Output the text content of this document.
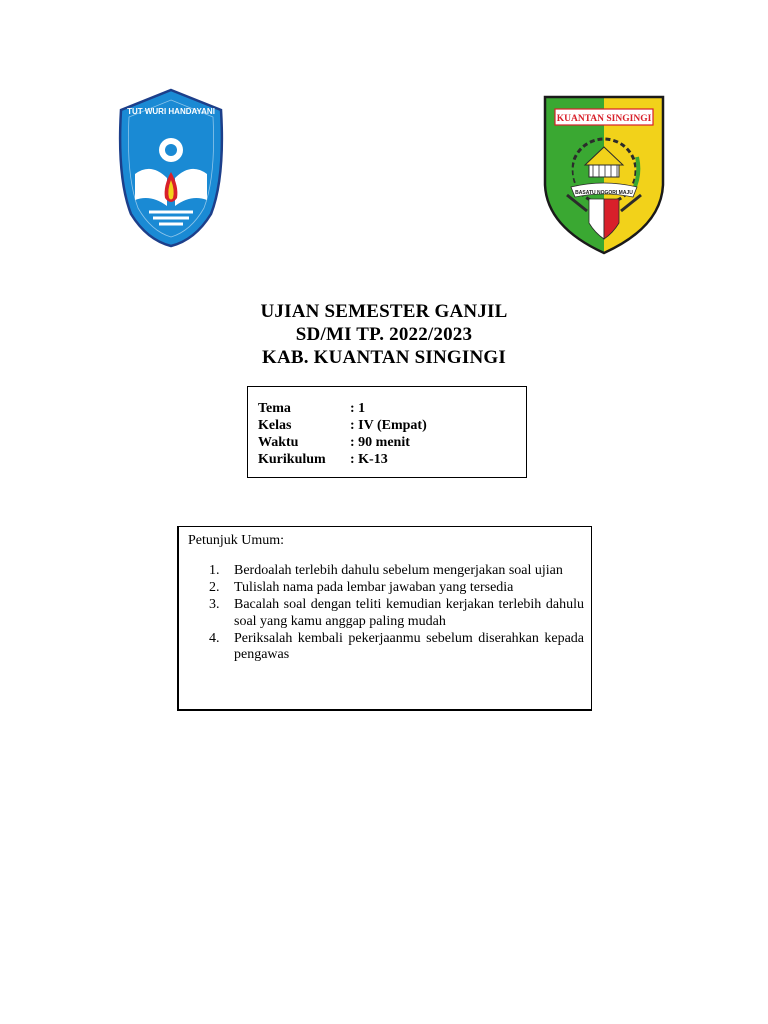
TUT WURI HANDAYANI
KUANTAN SINGINGI
BASATU NOGORI MAJU
UJIAN SEMESTER GANJIL
SD/MI TP. 2022/2023
KAB. KUANTAN SINGINGI
Tema	: 1
Kelas	: IV (Empat)
Waktu	: 90 menit
Kurikulum	: K-13
Petunjuk Umum:
1.	Berdoalah terlebih dahulu sebelum mengerjakan soal ujian
2.	Tulislah nama pada lembar jawaban yang tersedia
3.	Bacalah soal dengan teliti kemudian kerjakan terlebih dahulu soal yang kamu anggap paling mudah
4.	Periksalah kembali pekerjaanmu sebelum diserahkan kepada pengawas
